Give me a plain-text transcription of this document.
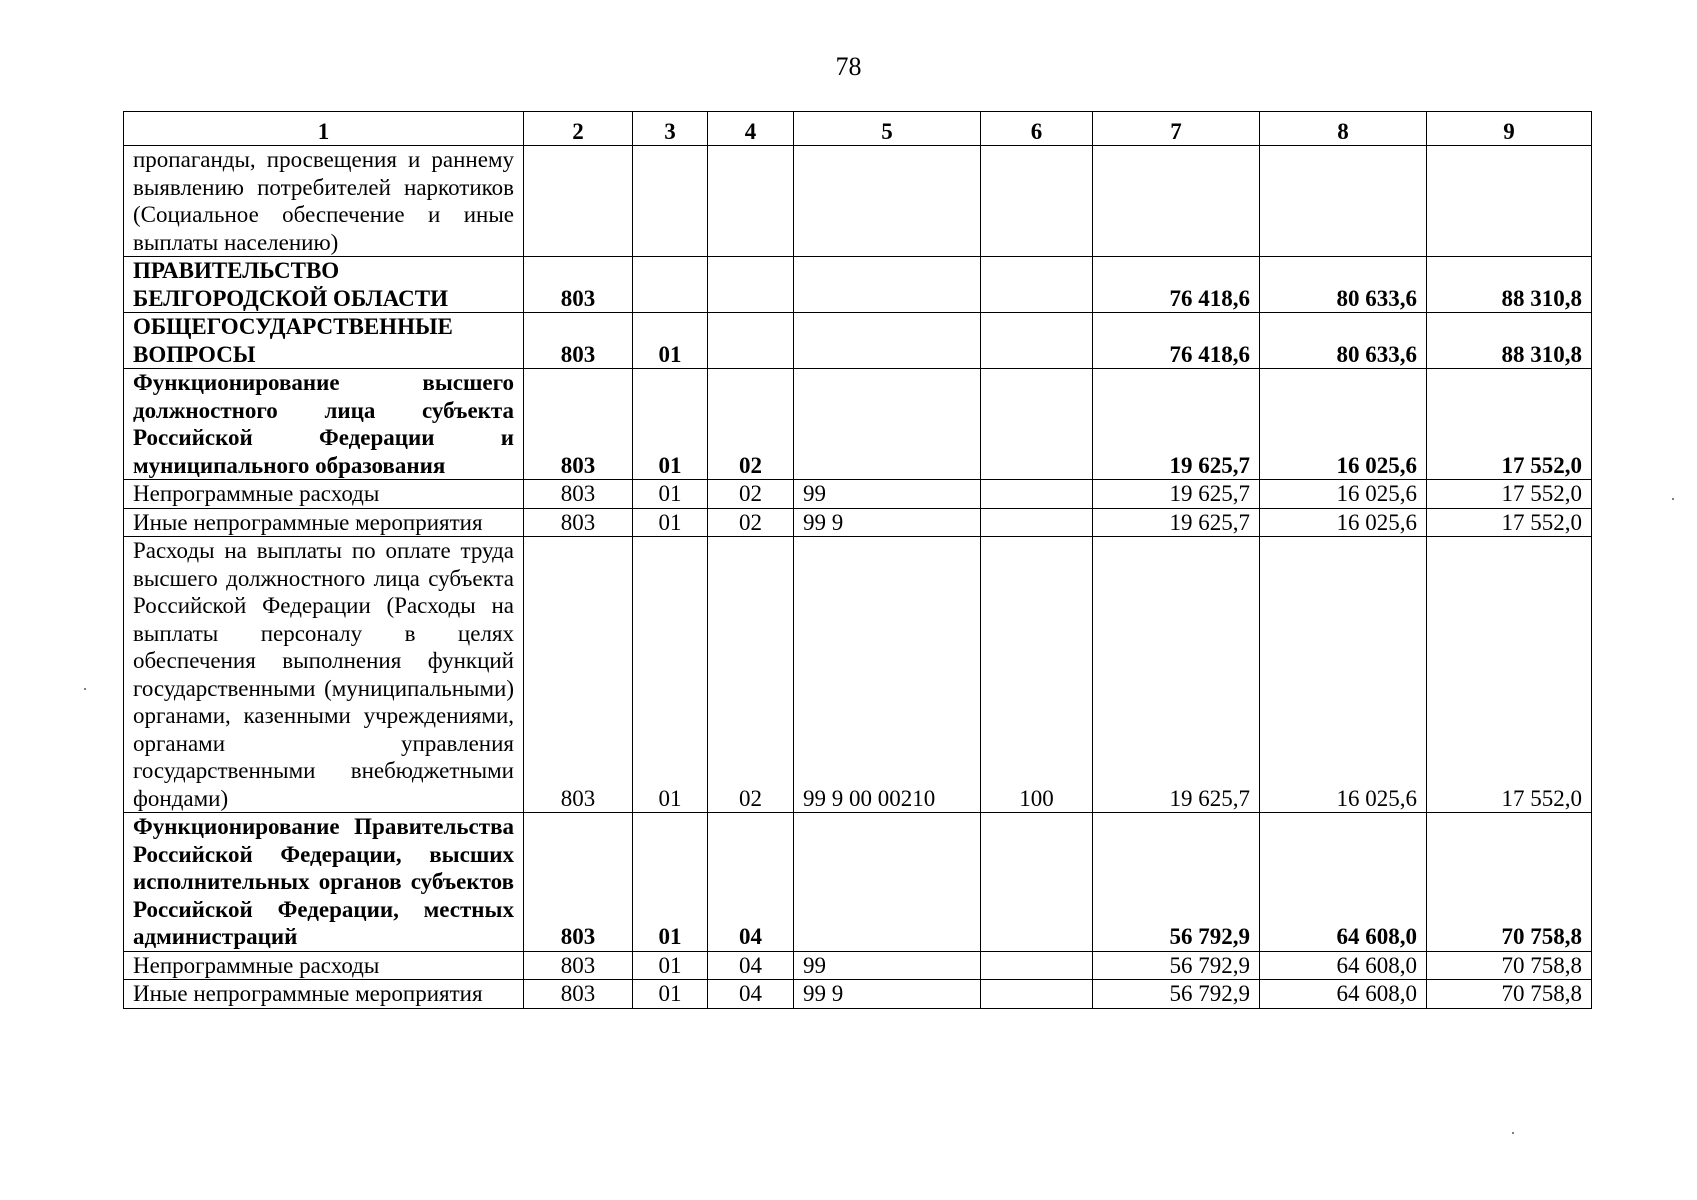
78
1	2	3	4	5	6	7	8	9
пропаганды, просвещения и раннему выявлению потребителей наркотиков (Социальное обеспечение и иные выплаты населению)								
ПРАВИТЕЛЬСТВО БЕЛГОРОДСКОЙ ОБЛАСТИ	803					76 418,6	80 633,6	88 310,8
ОБЩЕГОСУДАРСТВЕННЫЕ ВОПРОСЫ	803	01				76 418,6	80 633,6	88 310,8
Функционирование высшего должностного лица субъекта Российской Федерации и муниципального образования	803	01	02			19 625,7	16 025,6	17 552,0
Непрограммные расходы	803	01	02	99		19 625,7	16 025,6	17 552,0
Иные непрограммные мероприятия	803	01	02	99 9		19 625,7	16 025,6	17 552,0
Расходы на выплаты по оплате труда высшего должностного лица субъекта Российской Федерации (Расходы на выплаты персоналу в целях обеспечения выполнения функций государственными (муниципальными) органами, казенными учреждениями, органами управления государственными внебюджетными фондами)	803	01	02	99 9 00 00210	100	19 625,7	16 025,6	17 552,0
Функционирование Правительства Российской Федерации, высших исполнительных органов субъектов Российской Федерации, местных администраций	803	01	04			56 792,9	64 608,0	70 758,8
Непрограммные расходы	803	01	04	99		56 792,9	64 608,0	70 758,8
Иные непрограммные мероприятия	803	01	04	99 9		56 792,9	64 608,0	70 758,8
